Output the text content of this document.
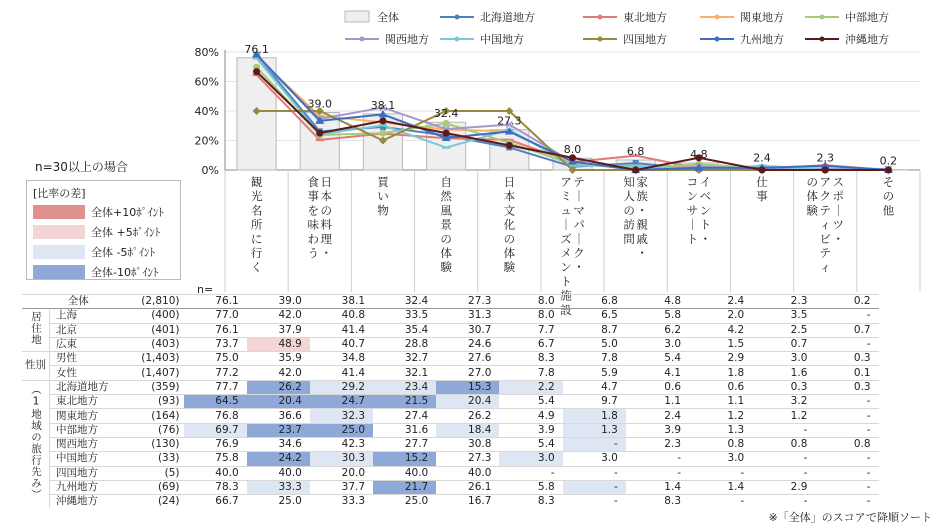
0%
20%
40%
60%
80% 76.1
39.0	38.1
32.4
27.3
8.0	6.8	4.8	2.4	2.3	0.2
観光名所に行く
日本の料理・
食事を味わう
買い物
自然風景の体験
日本文化の体験
テ｜マパ｜ク・
アミュ｜ズメント施設
家族・親戚・
知人の訪問
イベント・
コンサ｜ト
仕事
スポ｜ツ・
アクティビティ
の体験
その他
全体	北海道地方	東北地方	関東地方	中部地方
関西地方	中国地方	四国地方	九州地方	沖縄地方
n=30以上の場合
[比率の差]
全体+10ﾎﾟｲﾝﾄ
全体 +5ﾎﾟｲﾝﾄ
全体 -5ﾎﾟｲﾝﾄ
全体-10ﾎﾟｲﾝﾄ
n=
全体		(2,810)	76.1	39.0	38.1	32.4	27.3	8.0	6.8	4.8	2.4	2.3	0.2
居住地	上海	(400)	77.0	42.0	40.8	33.5	31.3	8.0	6.5	5.8	2.0	3.5	-
	北京	(401)	76.1	37.9	41.4	35.4	30.7	7.7	8.7	6.2	4.2	2.5	0.7
	広東	(403)	73.7	48.9	40.7	28.8	24.6	6.7	5.0	3.0	1.5	0.7	-
性別	男性	(1,403)	75.0	35.9	34.8	32.7	27.6	8.3	7.8	5.4	2.9	3.0	0.3
	女性	(1,407)	77.2	42.0	41.4	32.1	27.0	7.8	5.9	4.1	1.8	1.6	0.1
（1地域の旅行先み）	北海道地方	(359)	77.7	26.2	29.2	23.4	15.3	2.2	4.7	0.6	0.6	0.3	0.3
	東北地方	(93)	64.5	20.4	24.7	21.5	20.4	5.4	9.7	1.1	1.1	3.2	-
	関東地方	(164)	76.8	36.6	32.3	27.4	26.2	4.9	1.8	2.4	1.2	1.2	-
	中部地方	(76)	69.7	23.7	25.0	31.6	18.4	3.9	1.3	3.9	1.3	-	-
	関西地方	(130)	76.9	34.6	42.3	27.7	30.8	5.4	-	2.3	0.8	0.8	0.8
	中国地方	(33)	75.8	24.2	30.3	15.2	27.3	3.0	3.0	-	3.0	-	-
	四国地方	(5)	40.0	40.0	20.0	40.0	40.0	-	-	-	-	-	-
	九州地方	(69)	78.3	33.3	37.7	21.7	26.1	5.8	-	1.4	1.4	2.9	-
	沖縄地方	(24)	66.7	25.0	33.3	25.0	16.7	8.3	-	8.3	-	-	-
※「全体」のスコアで降順ソート
